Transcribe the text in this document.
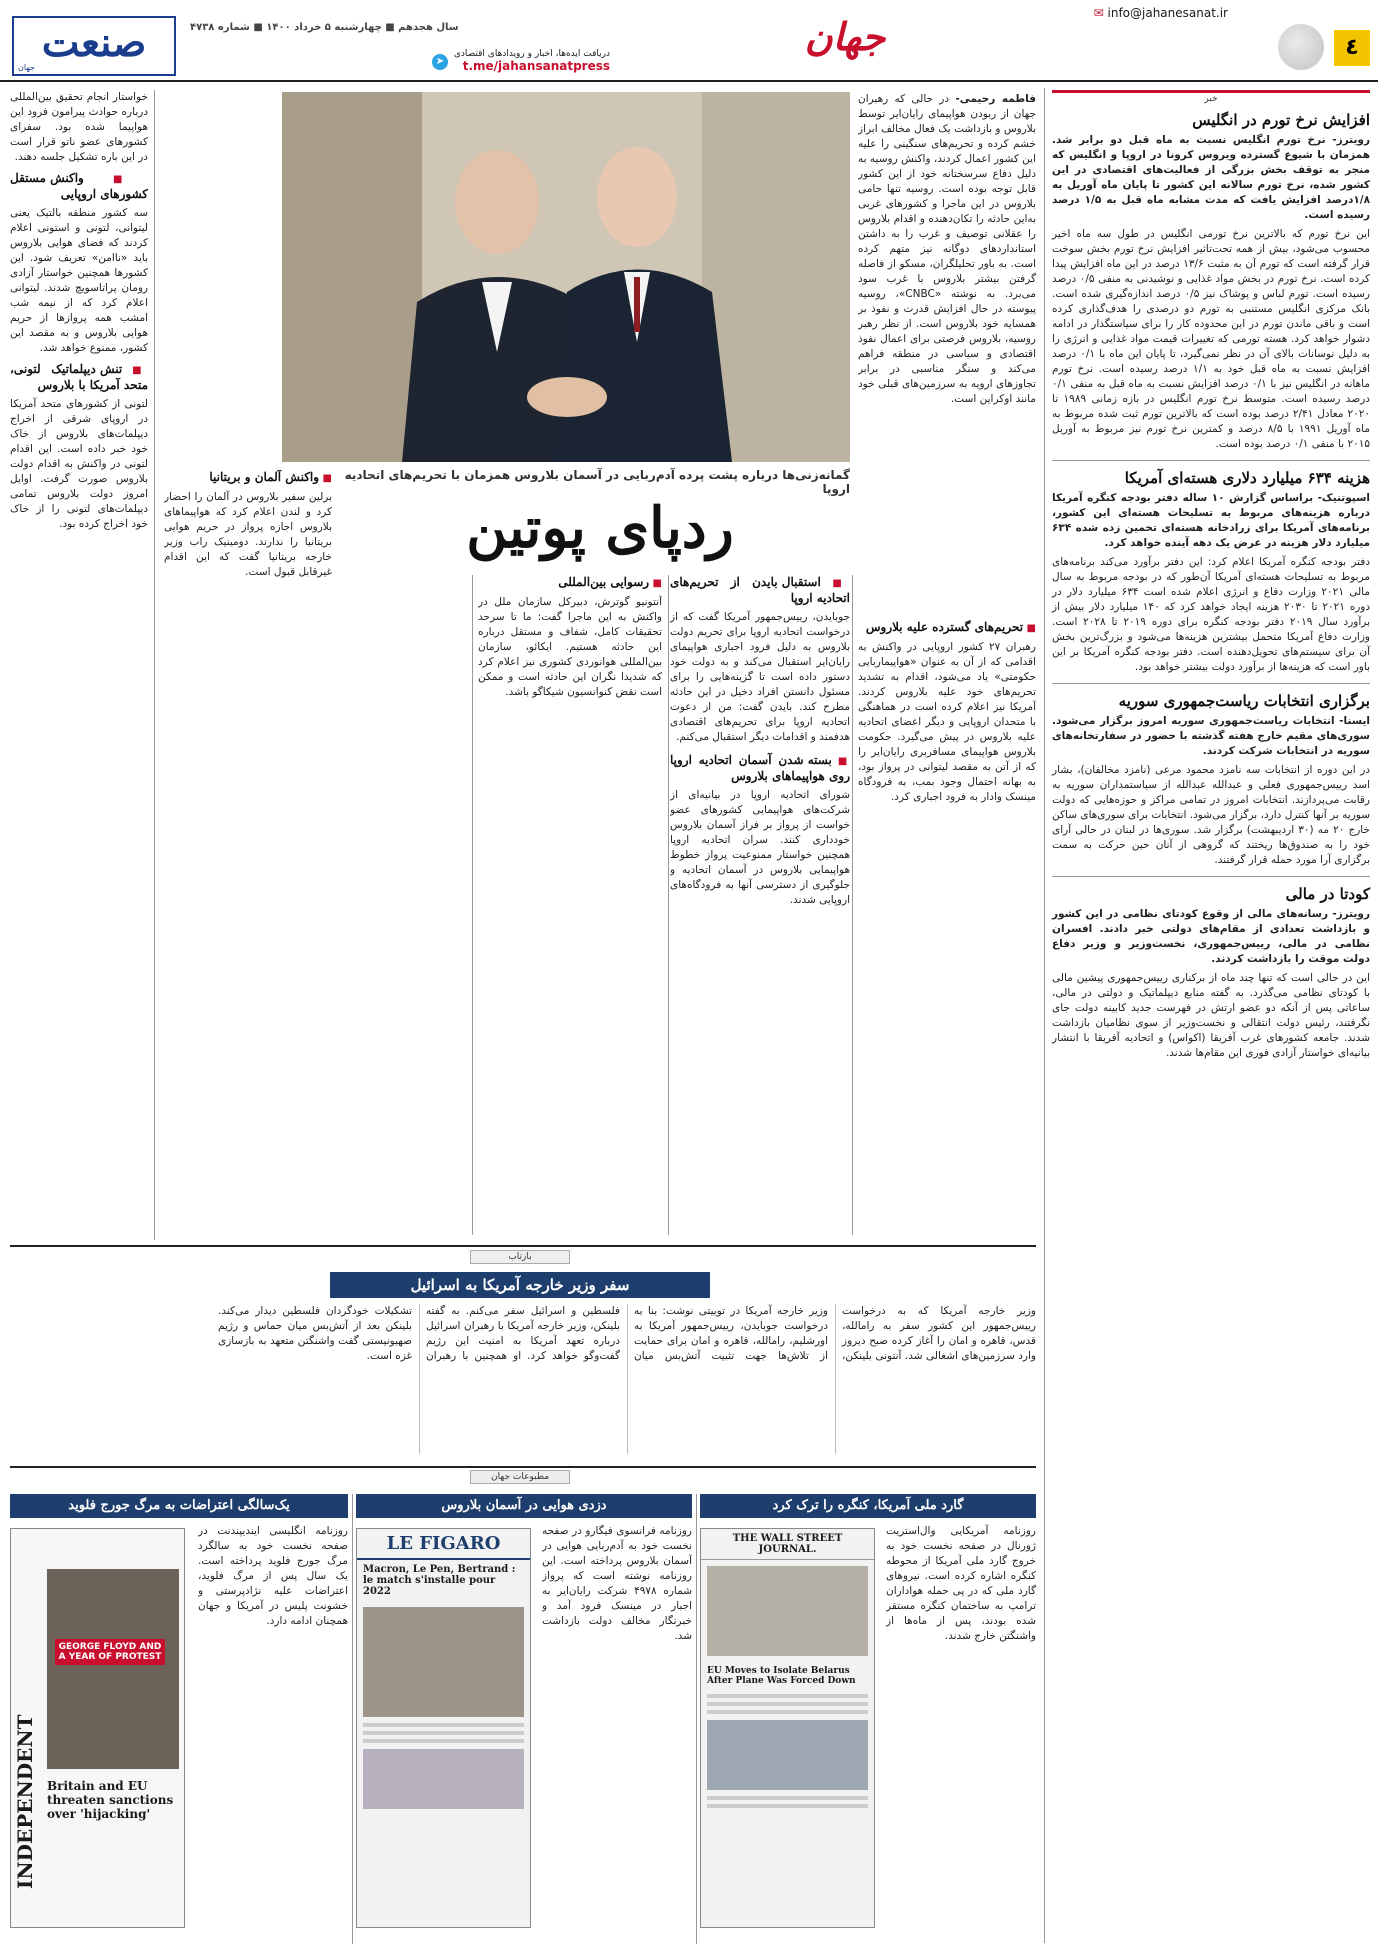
٤
✉ info@jahanesanat.ir
جهان
دریافت ایده‌ها، اخبار و رویدادهای اقتصادی
t.me/jahansanatpress
➤
سال هجدهم ■ چهارشنبه ۵ خرداد ۱۴۰۰ ■ شماره ۴۷۳۸
صنعت
جهان
خبر
افزایش نرخ تورم در انگلیس
رویترز- نرخ تورم انگلیس نسبت به ماه قبل دو برابر شد. همزمان با شیوع گسترده ویروس کرونا در اروپا و انگلیس که منجر به توقف بخش بزرگی از فعالیت‌های اقتصادی در این کشور شده، نرخ تورم سالانه این کشور تا پایان ماه آوریل به ۱/۸درصد افزایش یافت که مدت مشابه ماه قبل به ۱/۵ درصد رسیده است.
این نرخ تورم که بالاترین نرخ تورمی انگلیس در طول سه ماه اخیر محسوب می‌شود، بیش از همه تحت‌تاثیر افزایش نرخ تورم بخش سوخت قرار گرفته است که تورم آن به مثبت ۱۳/۶ درصد در این ماه افزایش پیدا کرده است. نرخ تورم در بخش مواد غذایی و نوشیدنی به منفی ۰/۵ درصد رسیده است. تورم لباس و پوشاک نیز ۰/۵ درصد اندازه‌گیری شده است. بانک مرکزی انگلیس مستنبی به تورم دو درصدی را هدف‌گذاری کرده است و باقی ماندن تورم در این محدوده کار را برای سیاستگذار در ادامه دشوار خواهد کرد. هسته تورمی که تغییرات قیمت مواد غذایی و انرژی را به دلیل نوسانات بالای آن در نظر نمی‌گیرد، تا پایان این ماه با ۰/۱ درصد افزایش نسبت به ماه قبل خود به ۱/۱ درصد رسیده است. نرخ تورم ماهانه در انگلیس نیز با ۰/۱ درصد افزایش نسبت به ماه قبل به منفی ۰/۱ درصد رسیده است. متوسط نرخ تورم انگلیس در بازه زمانی ۱۹۸۹ تا ۲۰۲۰ معادل ۲/۴۱ درصد بوده است که بالاترین تورم ثبت شده مربوط به ماه آوریل ۱۹۹۱ با ۸/۵ درصد و کمترین نرخ تورم نیز مربوط به آوریل ۲۰۱۵ با منفی ۰/۱ درصد بوده است.
هزینه ۶۳۴ میلیارد دلاری هسته‌ای آمریکا
اسپوتنیک- براساس گزارش ۱۰ ساله دفتر بودجه کنگره آمریکا درباره هزینه‌های مربوط به تسلیحات هسته‌ای این کشور، برنامه‌های آمریکا برای زرادخانه هسته‌ای تخمین زده شده ۶۳۴ میلیارد دلار هزینه در عرض یک دهه آینده خواهد کرد.
دفتر بودجه کنگره آمریکا اعلام کرد: این دفتر برآورد می‌کند برنامه‌های مربوط به تسلیحات هسته‌ای آمریکا آن‌طور که در بودجه مربوط به سال مالی ۲۰۲۱ وزارت دفاع و انرژی اعلام شده است ۶۳۴ میلیارد دلار در دوره ۲۰۲۱ تا ۲۰۳۰ هزینه ایجاد خواهد کرد که ۱۴۰ میلیارد دلار بیش از برآورد سال ۲۰۱۹ دفتر بودجه کنگره برای دوره ۲۰۱۹ تا ۲۰۲۸ است. وزارت دفاع آمریکا متحمل بیشترین هزینه‌ها می‌شود و بزرگ‌ترین بخش آن برای سیستم‌های تحویل‌دهنده است. دفتر بودجه کنگره آمریکا بر این باور است که هزینه‌ها از برآورد دولت بیشتر خواهد بود.
برگزاری انتخابات ریاست‌جمهوری سوریه
ایسنا- انتخابات ریاست‌جمهوری سوریه امروز برگزار می‌شود. سوری‌های مقیم خارج هفته گذشته با حضور در سفارتخانه‌های سوریه در انتخابات شرکت کردند.
در این دوره از انتخابات سه نامزد محمود مرعی (نامزد مخالفان)، بشار اسد رییس‌جمهوری فعلی و عبدالله عبدالله از سیاستمداران سوریه به رقابت می‌پردازند. انتخابات امروز در تمامی مراکز و حوزه‌هایی که دولت سوریه بر آنها کنترل دارد، برگزار می‌شود. انتخابات برای سوری‌های ساکن خارج ۲۰ مه (۳۰ اردیبهشت) برگزار شد. سوری‌ها در لبنان در حالی آرای خود را به صندوق‌ها ریختند که گروهی از آنان حین حرکت به سمت برگزاری آرا مورد حمله قرار گرفتند.
کودتا در مالی
رویترز- رسانه‌های مالی از وقوع کودتای نظامی در این کشور و بازداشت تعدادی از مقام‌های دولتی خبر دادند. افسران نظامی در مالی، رییس‌جمهوری، نخست‌وزیر و وزیر دفاع دولت موقت را بازداشت کردند.
این در حالی است که تنها چند ماه از برکناری رییس‌جمهوری پیشین مالی با کودتای نظامی می‌گذرد. به گفته منابع دیپلماتیک و دولتی در مالی، ساعاتی پس از آنکه دو عضو ارتش در فهرست جدید کابینه دولت جای نگرفتند، رئیس دولت انتقالی و نخست‌وزیر از سوی نظامیان بازداشت شدند. جامعه کشورهای غرب آفریقا (اکواس) و اتحادیه آفریقا با انتشار بیانیه‌ای خواستار آزادی فوری این مقام‌ها شدند.
فاطمه رحیمی- در حالی که رهبران جهان از ربودن هواپیمای رایان‌ایر توسط بلاروس و بازداشت یک فعال مخالف ابراز خشم کرده و تحریم‌های سنگینی را علیه این کشور اعمال کردند، واکنش روسیه به دلیل دفاع سرسختانه خود از این کشور قابل توجه بوده است. روسیه تنها حامی بلاروس در این ماجرا و کشورهای غربی به‌این حادثه را تکان‌دهنده و اقدام بلاروس را عقلانی توصیف و غرب را به داشتن استانداردهای دوگانه نیز متهم کرده است. به باور تحلیلگران، مسکو از فاصله گرفتن بیشتر بلاروس با غرب سود می‌برد. به نوشته «CNBC»، روسیه پیوسته در حال افزایش قدرت و نفوذ بر همسایه خود بلاروس است. از نظر رهبر روسیه، بلاروس فرصتی برای اعمال نفوذ اقتصادی و سیاسی در منطقه فراهم می‌کند و سنگر مناسبی در برابر تجاوزهای ارویه به سرزمین‌های قبلی خود مانند اوکراین است.
گمانه‌زنی‌ها درباره پشت پرده آدم‌ربایی در آسمان بلاروس همزمان با تحریم‌های اتحادیه اروپا
ردپای پوتین

خواستار انجام تحقیق بین‌المللی درباره حوادث پیرامون فرود این هواپیما شده بود. سفرای کشورهای عضو ناتو قرار است در این باره تشکیل جلسه دهند.

■ واکنش مستقل کشورهای اروپایی

سه کشور منطقه بالتیک یعنی لیتوانی، لتونی و استونی اعلام کردند که فضای هوایی بلاروس باید «ناامن» تعریف شود. این کشورها همچنین خواستار آزادی رومان پراتاسویچ شدند. لیتوانی اعلام کرد که از نیمه شب امشب همه پروازها از حریم هوایی بلاروس و به مقصد این کشور، ممنوع خواهد شد.

■ تنش دیپلماتیک لتونی، متحد آمریکا با بلاروس

لتونی از کشورهای متحد آمریکا در اروپای شرقی از اخراج دیپلمات‌های بلاروس از خاک خود خبر داده است. این اقدام لتونی در واکنش به اقدام دولت بلاروس صورت گرفت. اوایل امروز دولت بلاروس تمامی دیپلمات‌های لتونی را از خاک خود اخراج کرده بود.

■ تحریم‌های گسترده علیه بلاروس

رهبران ۲۷ کشور اروپایی در واکنش به اقدامی که از آن به عنوان «هواپیماربایی حکومتی» یاد می‌شود، اقدام به تشدید تحریم‌های خود علیه بلاروس کردند. آمریکا نیز اعلام کرده است در هماهنگی با متحدان اروپایی و دیگر اعضای اتحادیه علیه بلاروس در پیش می‌گیرد. حکومت بلاروس هواپیمای مسافربری رایان‌ایر را که از آتن به مقصد لیتوانی در پرواز بود، به بهانه احتمال وجود بمب، به فرودگاه مینسک وادار به فرود اجباری کرد.

■ استقبال بایدن از تحریم‌های اتحادیه اروپا

جوبایدن، رییس‌جمهور آمریکا گفت که از درخواست اتحادیه اروپا برای تحریم دولت بلاروس به دلیل فرود اجباری هواپیمای رایان‌ایر استقبال می‌کند و به دولت خود دستور داده است تا گزینه‌هایی را برای مسئول دانستن افراد دخیل در این حادثه مطرح کند. بایدن گفت: من از دعوت اتحادیه اروپا برای تحریم‌های اقتصادی هدفمند و اقدامات دیگر استقبال می‌کنم.

■ بسته شدن آسمان اتحادیه اروپا روی هواپیماهای بلاروس

شورای اتحادیه اروپا در بیانیه‌ای از شرکت‌های هواپیمایی کشورهای عضو خواست از پرواز بر فراز آسمان بلاروس خودداری کنند. سران اتحادیه اروپا همچنین خواستار ممنوعیت پرواز خطوط هواپیمایی بلاروس در آسمان اتحادیه و جلوگیری از دسترسی آنها به فرودگاه‌های اروپایی شدند.

■ رسوایی بین‌المللی

آنتونیو گوترش، دبیرکل سازمان ملل در واکنش به این ماجرا گفت: ما تا سرحد تحقیقات کامل، شفاف و مستقل درباره این حادثه هستیم. ایکائو، سازمان بین‌المللی هوانوردی کشوری نیز اعلام کرد که شدیدا نگران این حادثه است و ممکن است نقض کنوانسیون شیکاگو باشد.

■ واکنش آلمان و بریتانیا

برلین سفیر بلاروس در آلمان را احضار کرد و لندن اعلام کرد که هواپیماهای بلاروس اجازه پرواز در حریم هوایی بریتانیا را ندارند. دومینیک راب وزیر خارجه بریتانیا گفت که این اقدام غیرقابل قبول است.

بازتاب
سفر وزیر خارجه آمریکا به اسرائیل
وزیر خارجه آمریکا که به درخواست رییس‌جمهور این کشور سفر به رامالله، قدس، قاهره و امان را آغاز کرده صبح دیروز وارد سرزمین‌های اشغالی شد. آنتونی بلینکن، وزیر خارجه آمریکا در توییتی نوشت: بنا به درخواست جوبایدن، رییس‌جمهور آمریکا به اورشلیم، رامالله، قاهره و امان برای حمایت از تلاش‌ها جهت تثبیت آتش‌بس میان فلسطین و اسرائیل سفر می‌کنم. به گفته بلینکن، وزیر خارجه آمریکا با رهبران اسرائیل درباره تعهد آمریکا به امنیت این رژیم گفت‌وگو خواهد کرد. او همچنین با رهبران تشکیلات خودگردان فلسطین دیدار می‌کند. بلینکن بعد از آتش‌بس میان حماس و رژیم صهیونیستی گفت واشنگتن متعهد به بازسازی غزه است.
مطبوعات جهان
گارد ملی آمریکا، کنگره را ترک کرد
روزنامه آمریکایی وال‌استریت ژورنال در صفحه نخست خود به خروج گارد ملی آمریکا از محوطه کنگره اشاره کرده است. نیروهای گارد ملی که در پی حمله هواداران ترامپ به ساختمان کنگره مستقر شده بودند، پس از ماه‌ها از واشنگتن خارج شدند.
THE WALL STREET JOURNAL.
EU Moves to Isolate Belarus After Plane Was Forced Down
دزدی هوایی در آسمان بلاروس
روزنامه فرانسوی فیگارو در صفحه نخست خود به آدم‌ربایی هوایی در آسمان بلاروس پرداخته است. این روزنامه نوشته است که پرواز شماره ۴۹۷۸ شرکت رایان‌ایر به اجبار در مینسک فرود آمد و خبرنگار مخالف دولت بازداشت شد.
LE FIGARO
Macron, Le Pen, Bertrand : le match s'installe pour 2022
یک‌سالگی اعتراضات به مرگ جورج فلوید
روزنامه انگلیسی ایندیپندنت در صفحه نخست خود به سالگرد مرگ جورج فلوید پرداخته است. یک سال پس از مرگ فلوید، اعتراضات علیه نژادپرستی و خشونت پلیس در آمریکا و جهان همچنان ادامه دارد.
INDEPENDENT
GEORGE FLOYD AND A YEAR OF PROTEST
Britain and EU threaten sanctions over 'hijacking'
